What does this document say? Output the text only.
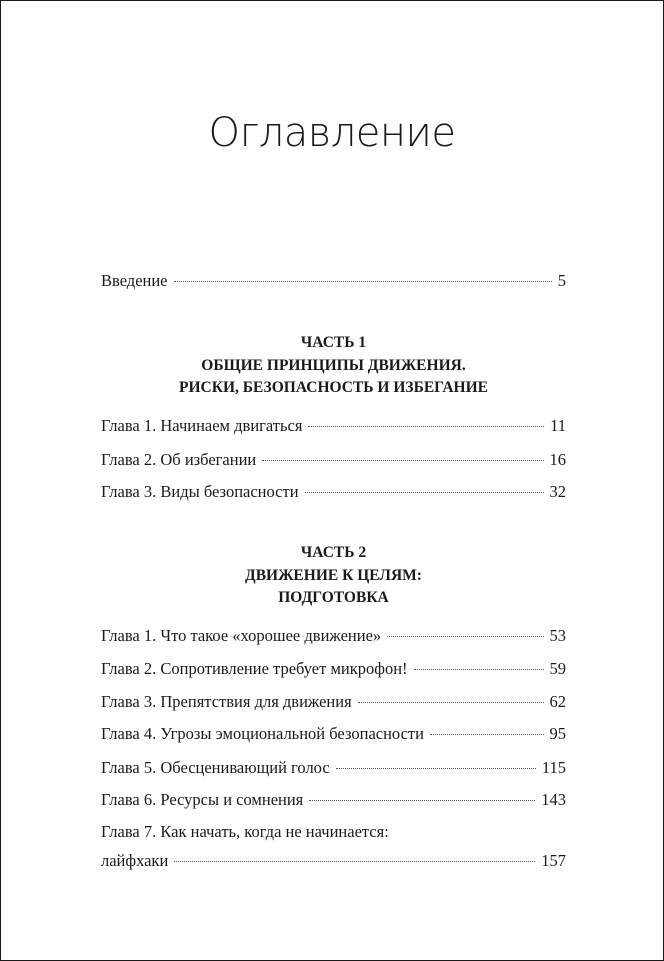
Оглавление
Введение	5
ЧАСТЬ 1
ОБЩИЕ ПРИНЦИПЫ ДВИЖЕНИЯ.
РИСКИ, БЕЗОПАСНОСТЬ И ИЗБЕГАНИЕ
Глава 1. Начинаем двигаться	11
Глава 2. Об избегании	16
Глава 3. Виды безопасности	32
ЧАСТЬ 2
ДВИЖЕНИЕ К ЦЕЛЯМ:
ПОДГОТОВКА
Глава 1. Что такое «хорошее движение»	53
Глава 2. Сопротивление требует микрофон!	59
Глава 3. Препятствия для движения	62
Глава 4. Угрозы эмоциональной безопасности	95
Глава 5. Обесценивающий голос	115
Глава 6. Ресурсы и сомнения	143
Глава 7. Как начать, когда не начинается:
лайфхаки	157
